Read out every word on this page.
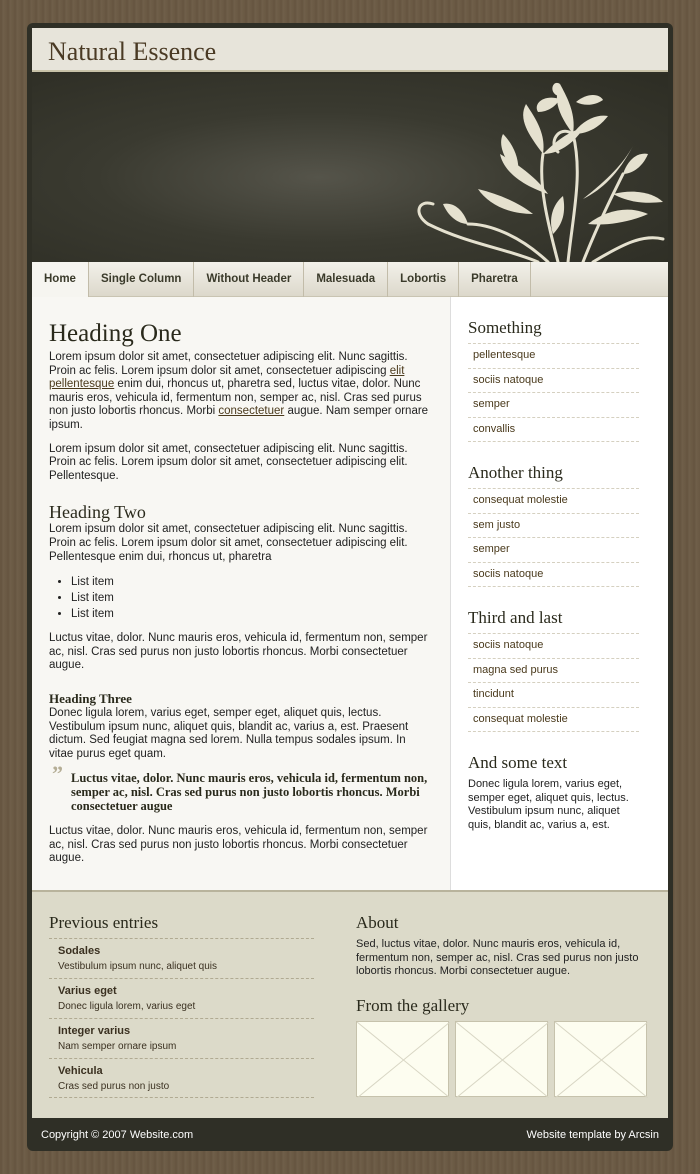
Natural Essence
Home	Single Column	Without Header	Malesuada	Lobortis	Pharetra
Heading One

Lorem ipsum dolor sit amet, consectetuer adipiscing elit. Nunc sagittis. Proin ac felis. Lorem ipsum dolor sit amet, consectetuer adipiscing elit pellentesque enim dui, rhoncus ut, pharetra sed, luctus vitae, dolor. Nunc mauris eros, vehicula id, fermentum non, semper ac, nisl. Cras sed purus non justo lobortis rhoncus. Morbi consectetuer augue. Nam semper ornare ipsum.

Lorem ipsum dolor sit amet, consectetuer adipiscing elit. Nunc sagittis. Proin ac felis. Lorem ipsum dolor sit amet, consectetuer adipiscing elit. Pellentesque.

Heading Two

Lorem ipsum dolor sit amet, consectetuer adipiscing elit. Nunc sagittis. Proin ac felis. Lorem ipsum dolor sit amet, consectetuer adipiscing elit. Pellentesque enim dui, rhoncus ut, pharetra

• List item
• List item
• List item

Luctus vitae, dolor. Nunc mauris eros, vehicula id, fermentum non, semper ac, nisl. Cras sed purus non justo lobortis rhoncus. Morbi consectetuer augue.

Heading Three

Donec ligula lorem, varius eget, semper eget, aliquet quis, lectus. Vestibulum ipsum nunc, aliquet quis, blandit ac, varius a, est. Praesent dictum. Sed feugiat magna sed lorem. Nulla tempus sodales ipsum. In vitae purus eget quam.

” Luctus vitae, dolor. Nunc mauris eros, vehicula id, fermentum non, semper ac, nisl. Cras sed purus non justo lobortis rhoncus. Morbi consectetuer augue

Luctus vitae, dolor. Nunc mauris eros, vehicula id, fermentum non, semper ac, nisl. Cras sed purus non justo lobortis rhoncus. Morbi consectetuer augue.

Something
pellentesque
sociis natoque
semper
convallis
Another thing
consequat molestie
sem justo
semper
sociis natoque
Third and last
sociis natoque
magna sed purus
tincidunt
consequat molestie
And some text

Donec ligula lorem, varius eget, semper eget, aliquet quis, lectus. Vestibulum ipsum nunc, aliquet quis, blandit ac, varius a, est.

Previous entries
Sodales
Vestibulum ipsum nunc, aliquet quis
Varius eget
Donec ligula lorem, varius eget
Integer varius
Nam semper ornare ipsum
Vehicula
Cras sed purus non justo
About

Sed, luctus vitae, dolor. Nunc mauris eros, vehicula id, fermentum non, semper ac, nisl. Cras sed purus non justo lobortis rhoncus. Morbi consectetuer augue.

From the gallery
Copyright © 2007 Website.com	Website template by Arcsin
